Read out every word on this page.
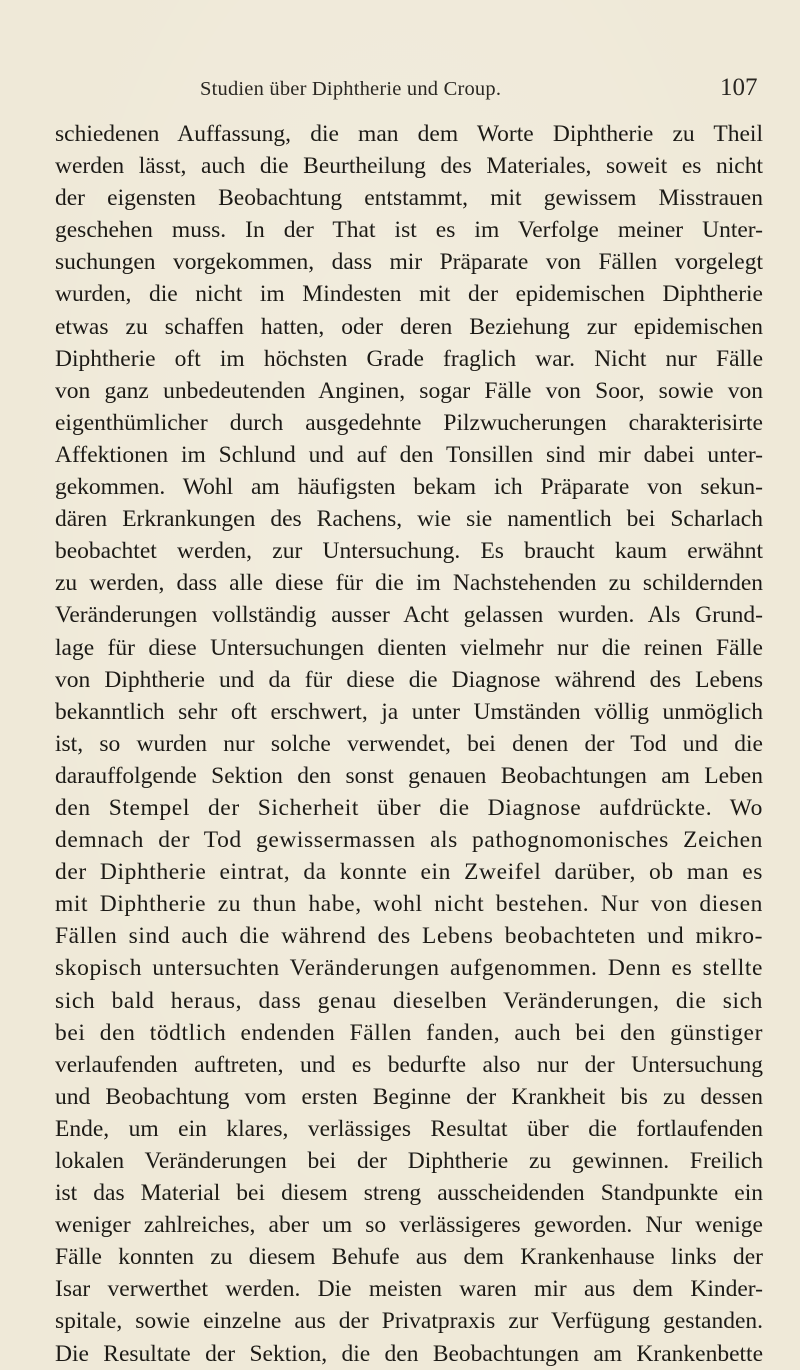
Studien über Diphtherie und Croup.	107
schiedenen Auffassung, die man dem Worte Diphtherie zu Theil
werden lässt, auch die Beurtheilung des Materiales, soweit es nicht
der eigensten Beobachtung entstammt, mit gewissem Misstrauen
geschehen muss. In der That ist es im Verfolge meiner Unter-
suchungen vorgekommen, dass mir Präparate von Fällen vorgelegt
wurden, die nicht im Mindesten mit der epidemischen Diphtherie
etwas zu schaffen hatten, oder deren Beziehung zur epidemischen
Diphtherie oft im höchsten Grade fraglich war. Nicht nur Fälle
von ganz unbedeutenden Anginen, sogar Fälle von Soor, sowie von
eigenthümlicher durch ausgedehnte Pilzwucherungen charakterisirte
Affektionen im Schlund und auf den Tonsillen sind mir dabei unter-
gekommen. Wohl am häufigsten bekam ich Präparate von sekun-
dären Erkrankungen des Rachens, wie sie namentlich bei Scharlach
beobachtet werden, zur Untersuchung. Es braucht kaum erwähnt
zu werden, dass alle diese für die im Nachstehenden zu schildernden
Veränderungen vollständig ausser Acht gelassen wurden. Als Grund-
lage für diese Untersuchungen dienten vielmehr nur die reinen Fälle
von Diphtherie und da für diese die Diagnose während des Lebens
bekanntlich sehr oft erschwert, ja unter Umständen völlig unmöglich
ist, so wurden nur solche verwendet, bei denen der Tod und die
darauffolgende Sektion den sonst genauen Beobachtungen am Leben
den Stempel der Sicherheit über die Diagnose aufdrückte. Wo
demnach der Tod gewissermassen als pathognomonisches Zeichen
der Diphtherie eintrat, da konnte ein Zweifel darüber, ob man es
mit Diphtherie zu thun habe, wohl nicht bestehen. Nur von diesen
Fällen sind auch die während des Lebens beobachteten und mikro-
skopisch untersuchten Veränderungen aufgenommen. Denn es stellte
sich bald heraus, dass genau dieselben Veränderungen, die sich
bei den tödtlich endenden Fällen fanden, auch bei den günstiger
verlaufenden auftreten, und es bedurfte also nur der Untersuchung
und Beobachtung vom ersten Beginne der Krankheit bis zu dessen
Ende, um ein klares, verlässiges Resultat über die fortlaufenden
lokalen Veränderungen bei der Diphtherie zu gewinnen. Freilich
ist das Material bei diesem streng ausscheidenden Standpunkte ein
weniger zahlreiches, aber um so verlässigeres geworden. Nur wenige
Fälle konnten zu diesem Behufe aus dem Krankenhause links der
Isar verwerthet werden. Die meisten waren mir aus dem Kinder-
spitale, sowie einzelne aus der Privatpraxis zur Verfügung gestanden.
Die Resultate der Sektion, die den Beobachtungen am Krankenbette
